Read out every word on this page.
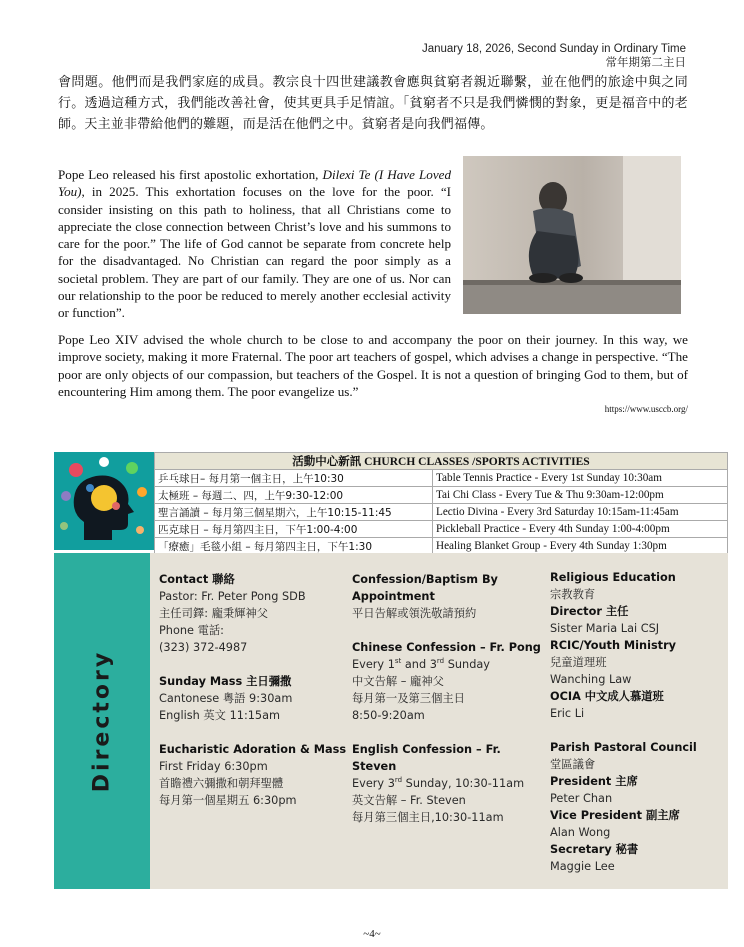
January 18, 2026, Second Sunday in Ordinary Time
常年期第二主日
會問題。他們而是我們家庭的成員。教宗良十四世建議教會應與貧窮者親近聯繫，並在他們的旅途中與之同行。透過這種方式，我們能改善社會，使其更具手足情誼。「貧窮者不只是我們憐憫的對象，更是福音中的老師。天主並非帶給他們的難題，而是活在他們之中。貧窮者是向我們福傳。
Pope Leo released his first apostolic exhortation, Dilexi Te (I Have Loved You), in 2025. This exhortation focuses on the love for the poor. “I consider insisting on this path to holiness, that all Christians come to appreciate the close connection between Christ’s love and his summons to care for the poor.” The life of God cannot be separate from concrete help for the disadvantaged. No Christian can regard the poor simply as a societal problem. They are part of our family. They are one of us. Nor can our relationship to the poor be reduced to merely another ecclesial activity or function”.
Pope Leo XIV advised the whole church to be close to and accompany the poor on their journey. In this way, we improve society, making it more Fraternal. The poor art teachers of gospel, which advises a change in perspective. “The poor are only objects of our compassion, but teachers of the Gospel. It is not a question of bringing God to them, but of encountering Him among them. The poor evangelize us.”
https://www.usccb.org/
活動中心新訊 CHURCH CLASSES /SPORTS ACTIVITIES	
乒乓球日– 每月第一個主日，上午10:30	Table Tennis Practice - Every 1st Sunday 10:30am
太極班 – 每週二、四，上午9:30-12:00	Tai Chi Class - Every Tue & Thu 9:30am-12:00pm
聖言誦讀 – 每月第三個星期六，上午10:15-11:45	Lectio Divina - Every 3rd Saturday 10:15am-11:45am
匹克球日 – 每月第四主日，下午1:00-4:00	Pickleball Practice - Every 4th Sunday 1:00-4:00pm
「療癒」毛毯小組 – 每月第四主日，下午1:30	Healing Blanket Group - Every 4th Sunday 1:30pm
Directory
Contact 聯絡
Pastor: Fr. Peter Pong SDB
主任司鐸: 龐秉輝神父
Phone 電話:
(323) 372-4987
Sunday Mass 主日彌撒
Cantonese 粵語 9:30am
English 英文 11:15am
Eucharistic Adoration & Mass
First Friday 6:30pm
首瞻禮六彌撒和朝拜聖體
每月第一個星期五 6:30pm
Confession/Baptism By Appointment
平日告解或領洗敬請預約
Chinese Confession – Fr. Pong
Every 1st and 3rd Sunday
中文告解 – 龐神父
每月第一及第三個主日
8:50-9:20am
English Confession – Fr. Steven
Every 3rd Sunday, 10:30-11am
英文告解 – Fr. Steven
每月第三個主日,10:30-11am
Religious Education
宗教教育
Director 主任
Sister Maria Lai CSJ
RCIC/Youth Ministry
兒童道理班
Wanching Law
OCIA 中文成人慕道班
Eric Li
Parish Pastoral Council
堂區議會
President 主席
Peter Chan
Vice President 副主席
Alan Wong
Secretary 秘書
Maggie Lee
~4~
